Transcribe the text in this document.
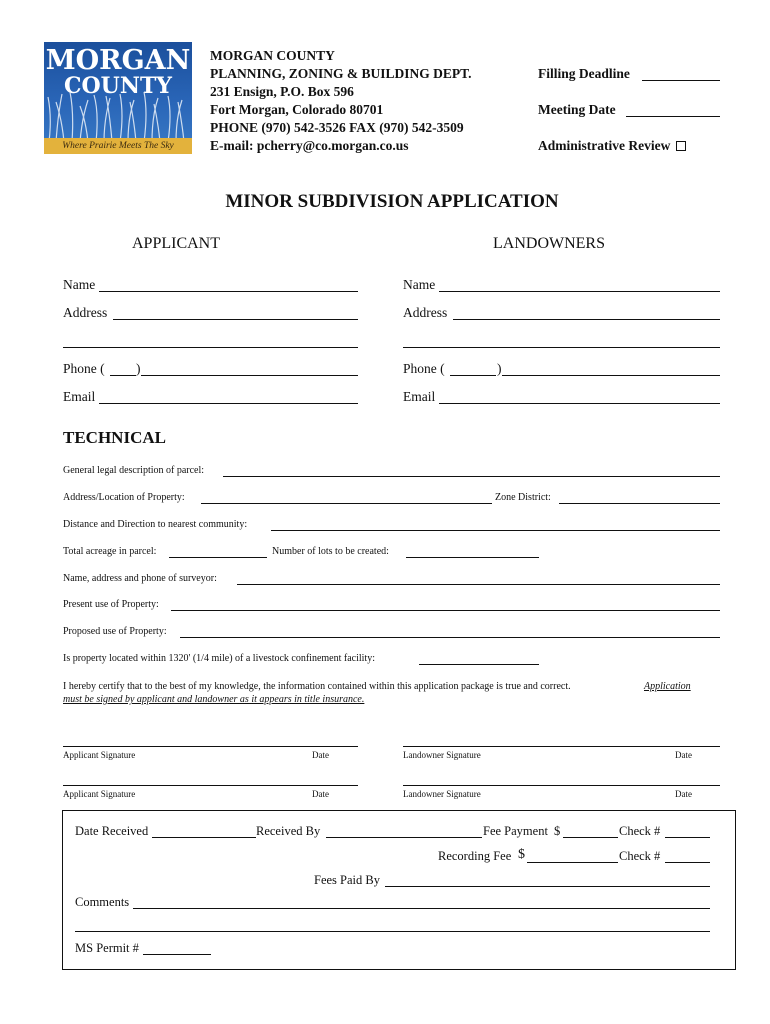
MORGAN
COUNTY
Where Prairie Meets The Sky
MORGAN COUNTY
PLANNING, ZONING & BUILDING DEPT.
231 Ensign, P.O. Box 596
Fort Morgan, Colorado 80701
PHONE (970) 542-3526 FAX (970) 542-3509
E-mail: pcherry@co.morgan.co.us
Filling Deadline
Meeting Date
Administrative Review
MINOR SUBDIVISION APPLICATION
APPLICANT	LANDOWNERS
Name
Address
Phone ( )
Email
Name
Address
Phone (	)
Email
TECHNICAL
General legal description of parcel:
Address/Location of Property:	Zone District:
Distance and Direction to nearest community:
Total acreage in parcel:	Number of lots to be created:
Name, address and phone of surveyor:
Present use of Property:
Proposed use of Property:
Is property located within 1320' (1/4 mile) of a livestock confinement facility:
I hereby certify that to the best of my knowledge, the information contained within this application package is true and correct.	Application
must be signed by applicant and landowner as it appears in title insurance.
Applicant Signature	Date	Landowner Signature	Date
Applicant Signature	Date	Landowner Signature	Date
Date Received	Received By	Fee Payment $	Check #
Recording Fee $	Check #
Fees Paid By
Comments
MS Permit #
